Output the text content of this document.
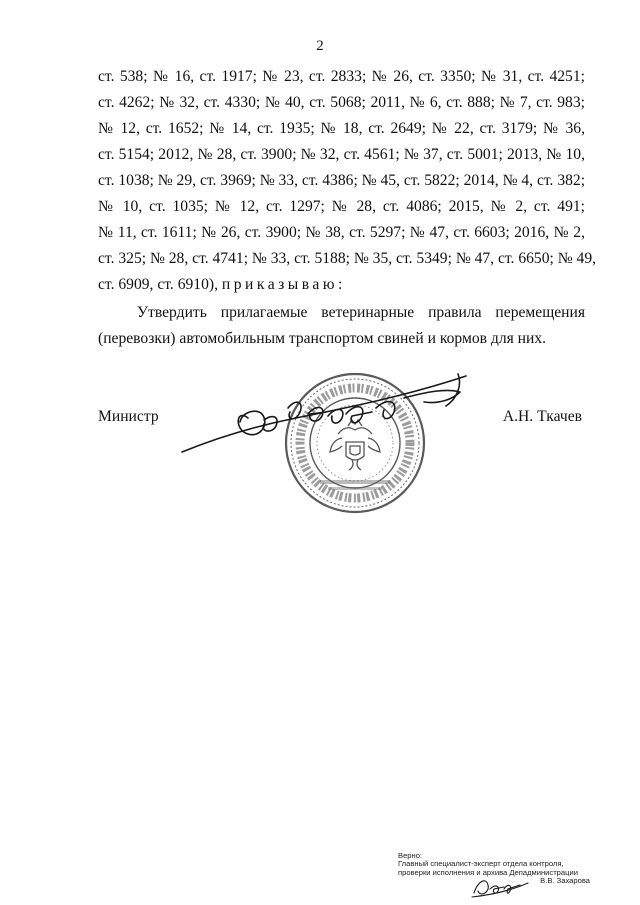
2
ст. 538; № 16, ст. 1917; № 23, ст. 2833; № 26, ст. 3350; № 31, ст. 4251;
ст. 4262; № 32, ст. 4330; № 40, ст. 5068; 2011, № 6, ст. 888; № 7, ст. 983;
№ 12, ст. 1652; № 14, ст. 1935; № 18, ст. 2649; № 22, ст. 3179; № 36,
ст. 5154; 2012, № 28, ст. 3900; № 32, ст. 4561; № 37, ст. 5001; 2013, № 10,
ст. 1038; № 29, ст. 3969; № 33, ст. 4386; № 45, ст. 5822; 2014, № 4, ст. 382;
№ 10, ст. 1035; № 12, ст. 1297; № 28, ст. 4086; 2015, № 2, ст. 491;
№ 11, ст. 1611; № 26, ст. 3900; № 38, ст. 5297; № 47, ст. 6603; 2016, № 2,
ст. 325; № 28, ст. 4741; № 33, ст. 5188; № 35, ст. 5349; № 47, ст. 6650; № 49,
ст. 6909, ст. 6910), приказываю:
Утвердить прилагаемые ветеринарные правила перемещения
(перевозки) автомобильным транспортом свиней и кормов для них.
Министр	А.Н. Ткачев
Верно:
Главный специалист-эксперт отдела контроля,
проверки исполнения и архива Депадминистрации
В.В. Захарова
